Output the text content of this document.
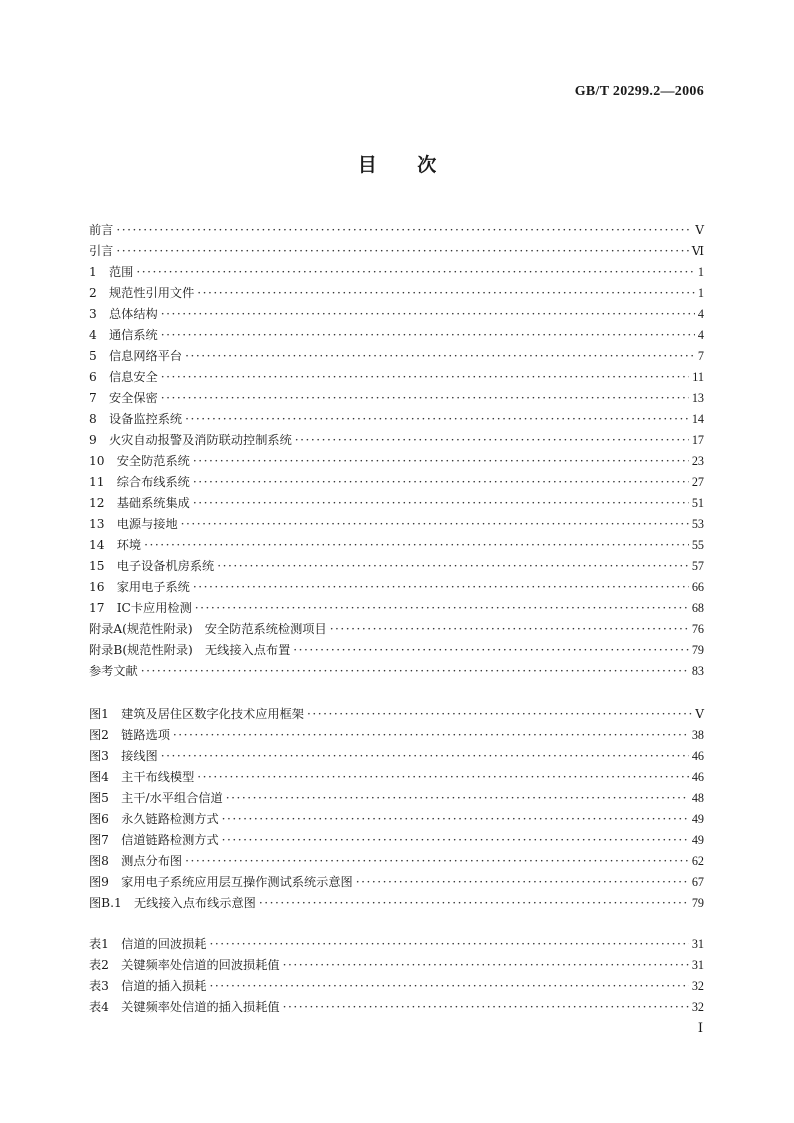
GB/T 20299.2—2006
目 次
前言 ·····	Ⅴ
引言 ·····	Ⅵ
1　范围 ·····	1
2　规范性引用文件 ·····	1
3　总体结构 ·····	4
4　通信系统 ·····	4
5　信息网络平台 ·····	7
6　信息安全 ·····	11
7　安全保密 ·····	13
8　设备监控系统 ·····	14
9　火灾自动报警及消防联动控制系统 ·····	17
10　安全防范系统 ·····	23
11　综合布线系统 ·····	27
12　基础系统集成 ·····	51
13　电源与接地 ·····	53
14　环境 ·····	55
15　电子设备机房系统 ·····	57
16　家用电子系统 ·····	66
17　IC卡应用检测 ·····	68
附录A(规范性附录)　安全防范系统检测项目 ·····	76
附录B(规范性附录)　无线接入点布置 ·····	79
参考文献 ·····	83
图1　建筑及居住区数字化技术应用框架 ·····	Ⅴ
图2　链路选项 ·····	38
图3　接线图 ·····	46
图4　主干布线模型 ·····	46
图5　主干/水平组合信道 ·····	48
图6　永久链路检测方式 ·····	49
图7　信道链路检测方式 ·····	49
图8　测点分布图 ·····	62
图9　家用电子系统应用层互操作测试系统示意图 ·····	67
图B.1　无线接入点布线示意图 ·····	79
表1　信道的回波损耗 ·····	31
表2　关键频率处信道的回波损耗值 ·····	31
表3　信道的插入损耗 ·····	32
表4　关键频率处信道的插入损耗值 ·····	32
Ⅰ
